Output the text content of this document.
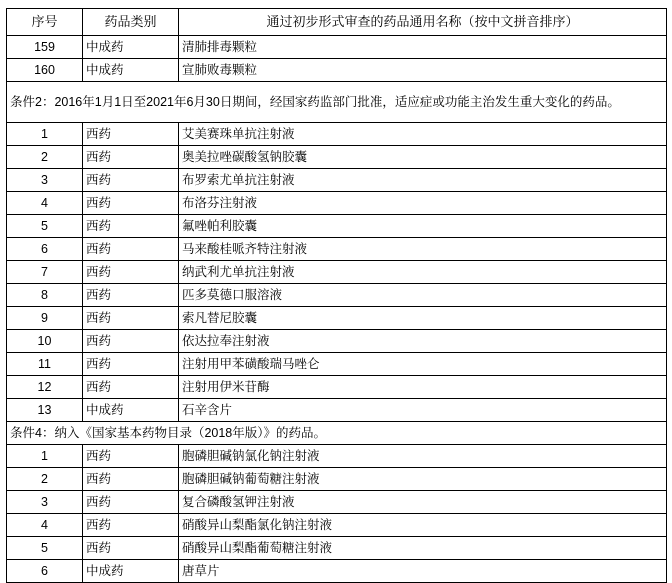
序号	药品类别	通过初步形式审查的药品通用名称（按中文拼音排序）
159	中成药	清肺排毒颗粒
160	中成药	宣肺败毒颗粒
条件2：2016年1月1日至2021年6月30日期间，经国家药监部门批准，适应症或功能主治发生重大变化的药品。		
1	西药	艾美赛珠单抗注射液
2	西药	奥美拉唑碳酸氢钠胶囊
3	西药	布罗索尤单抗注射液
4	西药	布洛芬注射液
5	西药	氟唑帕利胶囊
6	西药	马来酸桂哌齐特注射液
7	西药	纳武利尤单抗注射液
8	西药	匹多莫德口服溶液
9	西药	索凡替尼胶囊
10	西药	依达拉奉注射液
11	西药	注射用甲苯磺酸瑞马唑仑
12	西药	注射用伊米苷酶
13	中成药	石辛含片
条件4：纳入《国家基本药物目录（2018年版）》的药品。		
1	西药	胞磷胆碱钠氯化钠注射液
2	西药	胞磷胆碱钠葡萄糖注射液
3	西药	复合磷酸氢钾注射液
4	西药	硝酸异山梨酯氯化钠注射液
5	西药	硝酸异山梨酯葡萄糖注射液
6	中成药	唐草片
